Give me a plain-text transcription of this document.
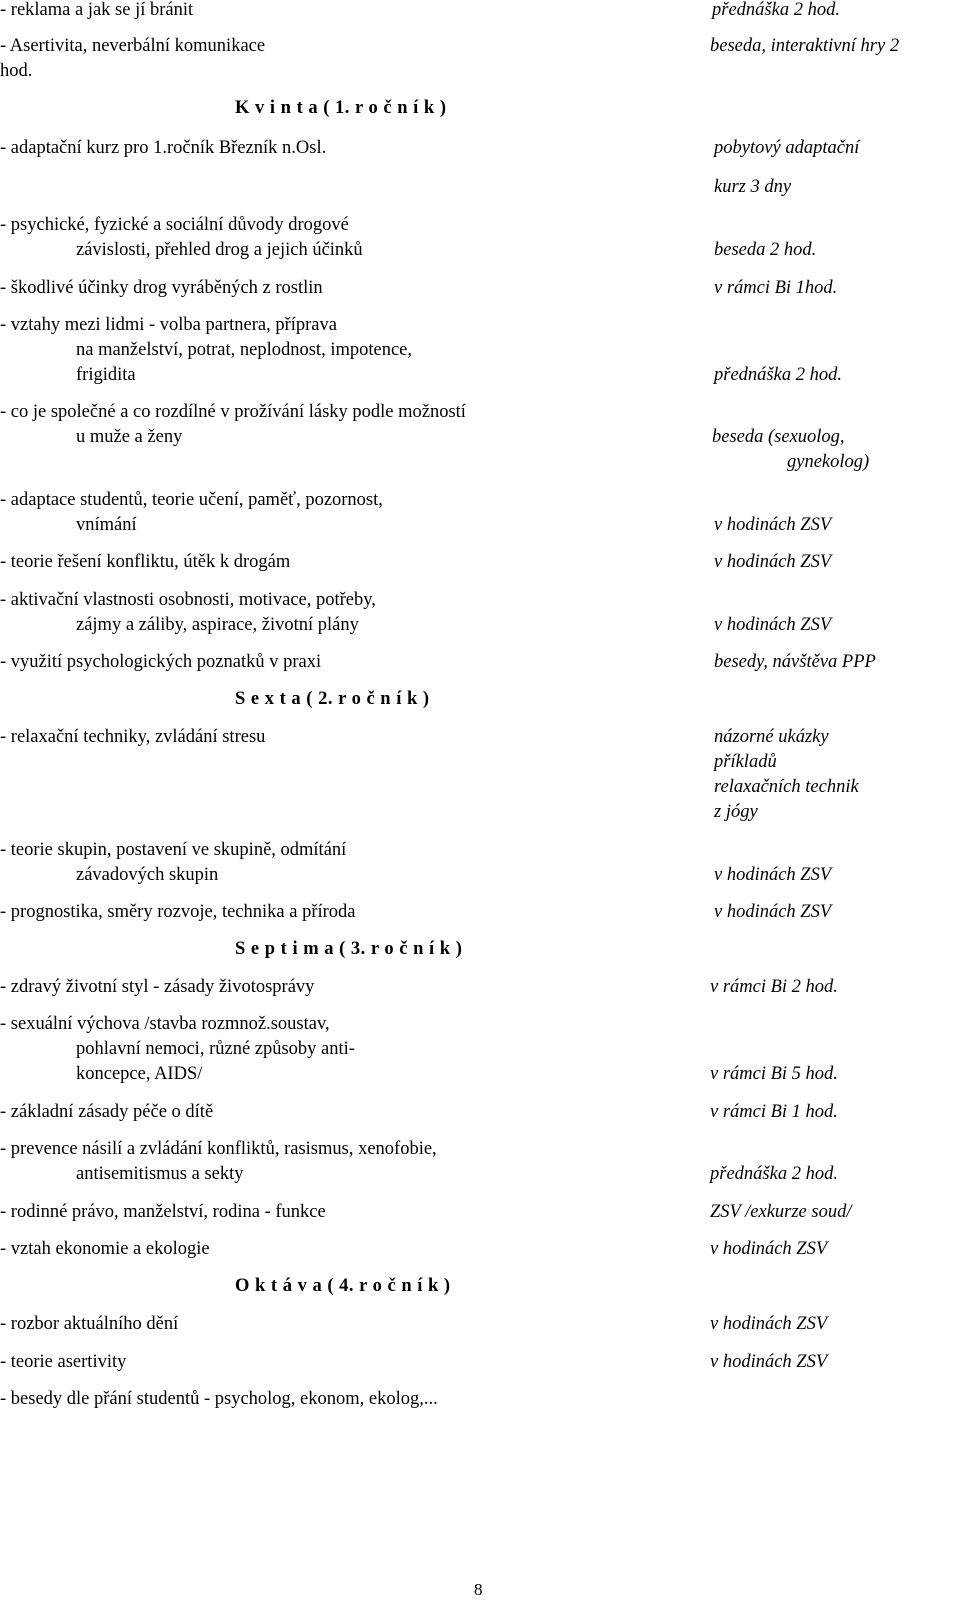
- reklama a jak se jí bránit
- Asertivita, neverbální komunikace
hod.
- adaptační kurz pro 1.ročník Březník n.Osl.
- psychické, fyzické a sociální důvody drogové
závislosti, přehled drog a jejich účinků
- škodlivé účinky drog vyráběných z rostlin
- vztahy mezi lidmi - volba partnera, příprava
na manželství, potrat, neplodnost, impotence,
frigidita
- co je společné a co rozdílné v prožívání lásky podle možností
u muže a ženy
- adaptace studentů, teorie učení, paměť, pozornost,
vnímání
- teorie řešení konfliktu, útěk k drogám
- aktivační vlastnosti osobnosti, motivace, potřeby,
zájmy a záliby, aspirace, životní plány
- využití psychologických poznatků v praxi
- relaxační techniky, zvládání stresu
- teorie skupin, postavení ve skupině, odmítání
závadových skupin
- prognostika, směry rozvoje, technika a příroda
- zdravý životní styl - zásady životosprávy
- sexuální výchova /stavba rozmnož.soustav,
pohlavní nemoci, různé způsoby anti-
koncepce, AIDS/
- základní zásady péče o dítě
- prevence násilí a zvládání konfliktů, rasismus, xenofobie,
antisemitismus a sekty
- rodinné právo, manželství, rodina - funkce
- vztah ekonomie a ekologie
- rozbor aktuálního dění
- teorie asertivity
- besedy dle přání studentů - psycholog, ekonom, ekolog,...
K v i n t a ( 1. r o č n í k )
S e x t a ( 2. r o č n í k )
S e p t i m a ( 3. r o č n í k )
O k t á v a ( 4. r o č n í k )
přednáška 2 hod.
beseda, interaktivní hry 2
pobytový adaptační
kurz 3 dny
beseda 2 hod.
v rámci Bi 1hod.
přednáška 2 hod.
beseda (sexuolog,
gynekolog)
v hodinách ZSV
v hodinách ZSV
v hodinách ZSV
besedy, návštěva PPP
názorné ukázky
příkladů
relaxačních technik
z jógy
v hodinách ZSV
v hodinách ZSV
v rámci Bi 2 hod.
v rámci Bi 5 hod.
v rámci Bi 1 hod.
přednáška 2 hod.
ZSV /exkurze soud/
v hodinách ZSV
v hodinách ZSV
v hodinách ZSV
8
